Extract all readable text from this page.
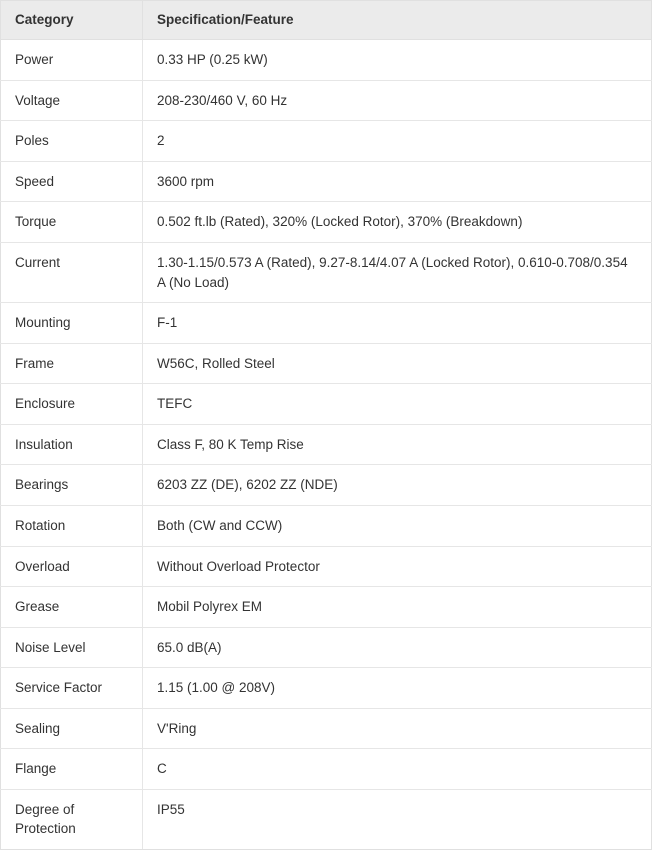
Category	Specification/Feature
Power	0.33 HP (0.25 kW)
Voltage	208-230/460 V, 60 Hz
Poles	2
Speed	3600 rpm
Torque	0.502 ft.lb (Rated), 320% (Locked Rotor), 370% (Breakdown)
Current	1.30-1.15/0.573 A (Rated), 9.27-8.14/4.07 A (Locked Rotor), 0.610-0.708/0.354 A (No Load)
Mounting	F-1
Frame	W56C, Rolled Steel
Enclosure	TEFC
Insulation	Class F, 80 K Temp Rise
Bearings	6203 ZZ (DE), 6202 ZZ (NDE)
Rotation	Both (CW and CCW)
Overload	Without Overload Protector
Grease	Mobil Polyrex EM
Noise Level	65.0 dB(A)
Service Factor	1.15 (1.00 @ 208V)
Sealing	V'Ring
Flange	C
Degree of Protection	IP55
